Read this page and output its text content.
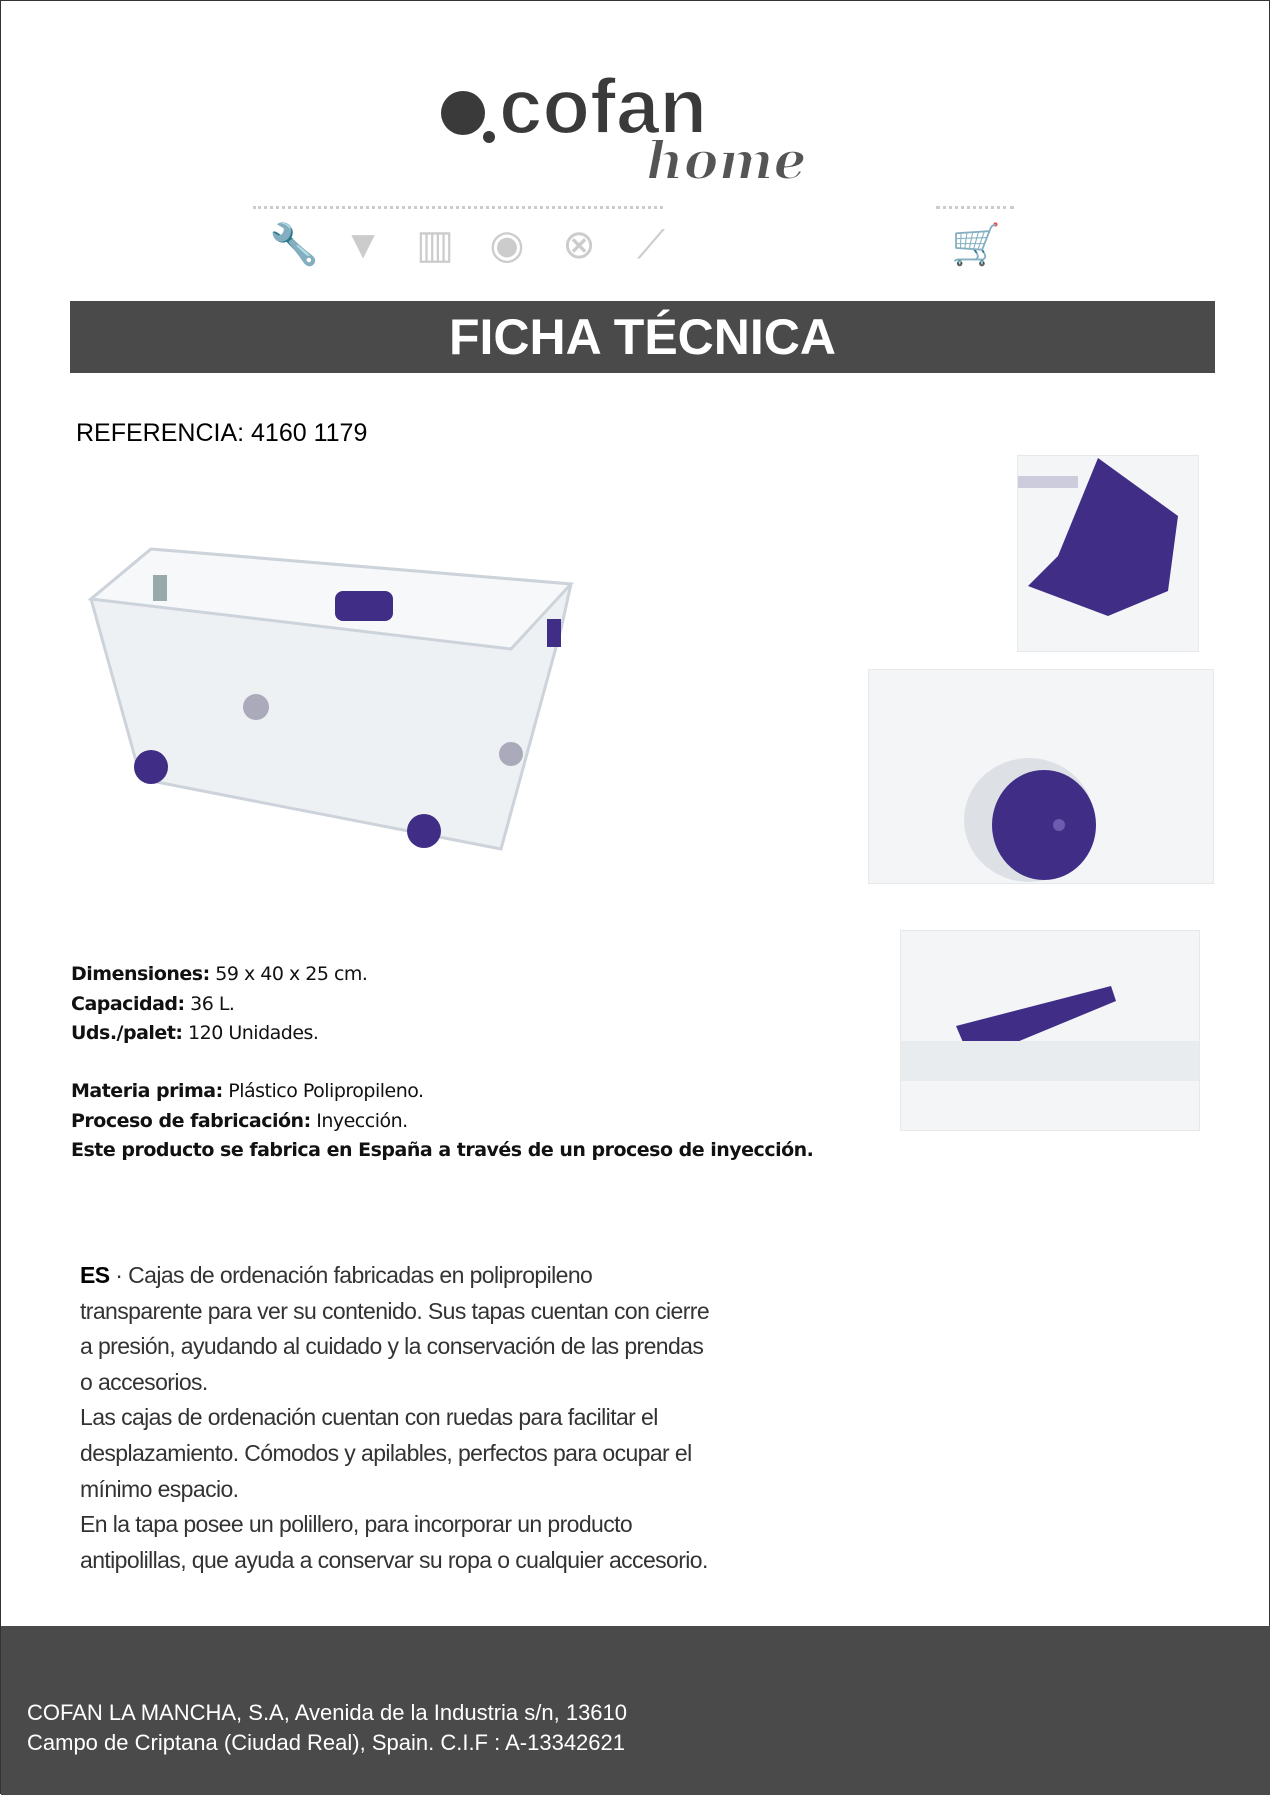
cofan
home
🔧 ▼ ▥ ◉ ⊗ ⟋	🛒
FICHA TÉCNICA
REFERENCIA: 4160 1179
Dimensiones: 59 x 40 x 25 cm.
Capacidad: 36 L.
Uds./palet: 120 Unidades.
Materia prima: Plástico Polipropileno.
Proceso de fabricación: Inyección.
Este producto se fabrica en España a través de un proceso de inyección.
ES · Cajas de ordenación fabricadas en polipropileno
transparente para ver su contenido. Sus tapas cuentan con cierre
a presión, ayudando al cuidado y la conservación de las prendas
o accesorios.
Las cajas de ordenación cuentan con ruedas para facilitar el
desplazamiento. Cómodos y apilables, perfectos para ocupar el
mínimo espacio.
En la tapa posee un polillero, para incorporar un producto
antipolillas, que ayuda a conservar su ropa o cualquier accesorio.
COFAN LA MANCHA, S.A, Avenida de la Industria s/n, 13610
Campo de Criptana (Ciudad Real), Spain. C.I.F : A-13342621
